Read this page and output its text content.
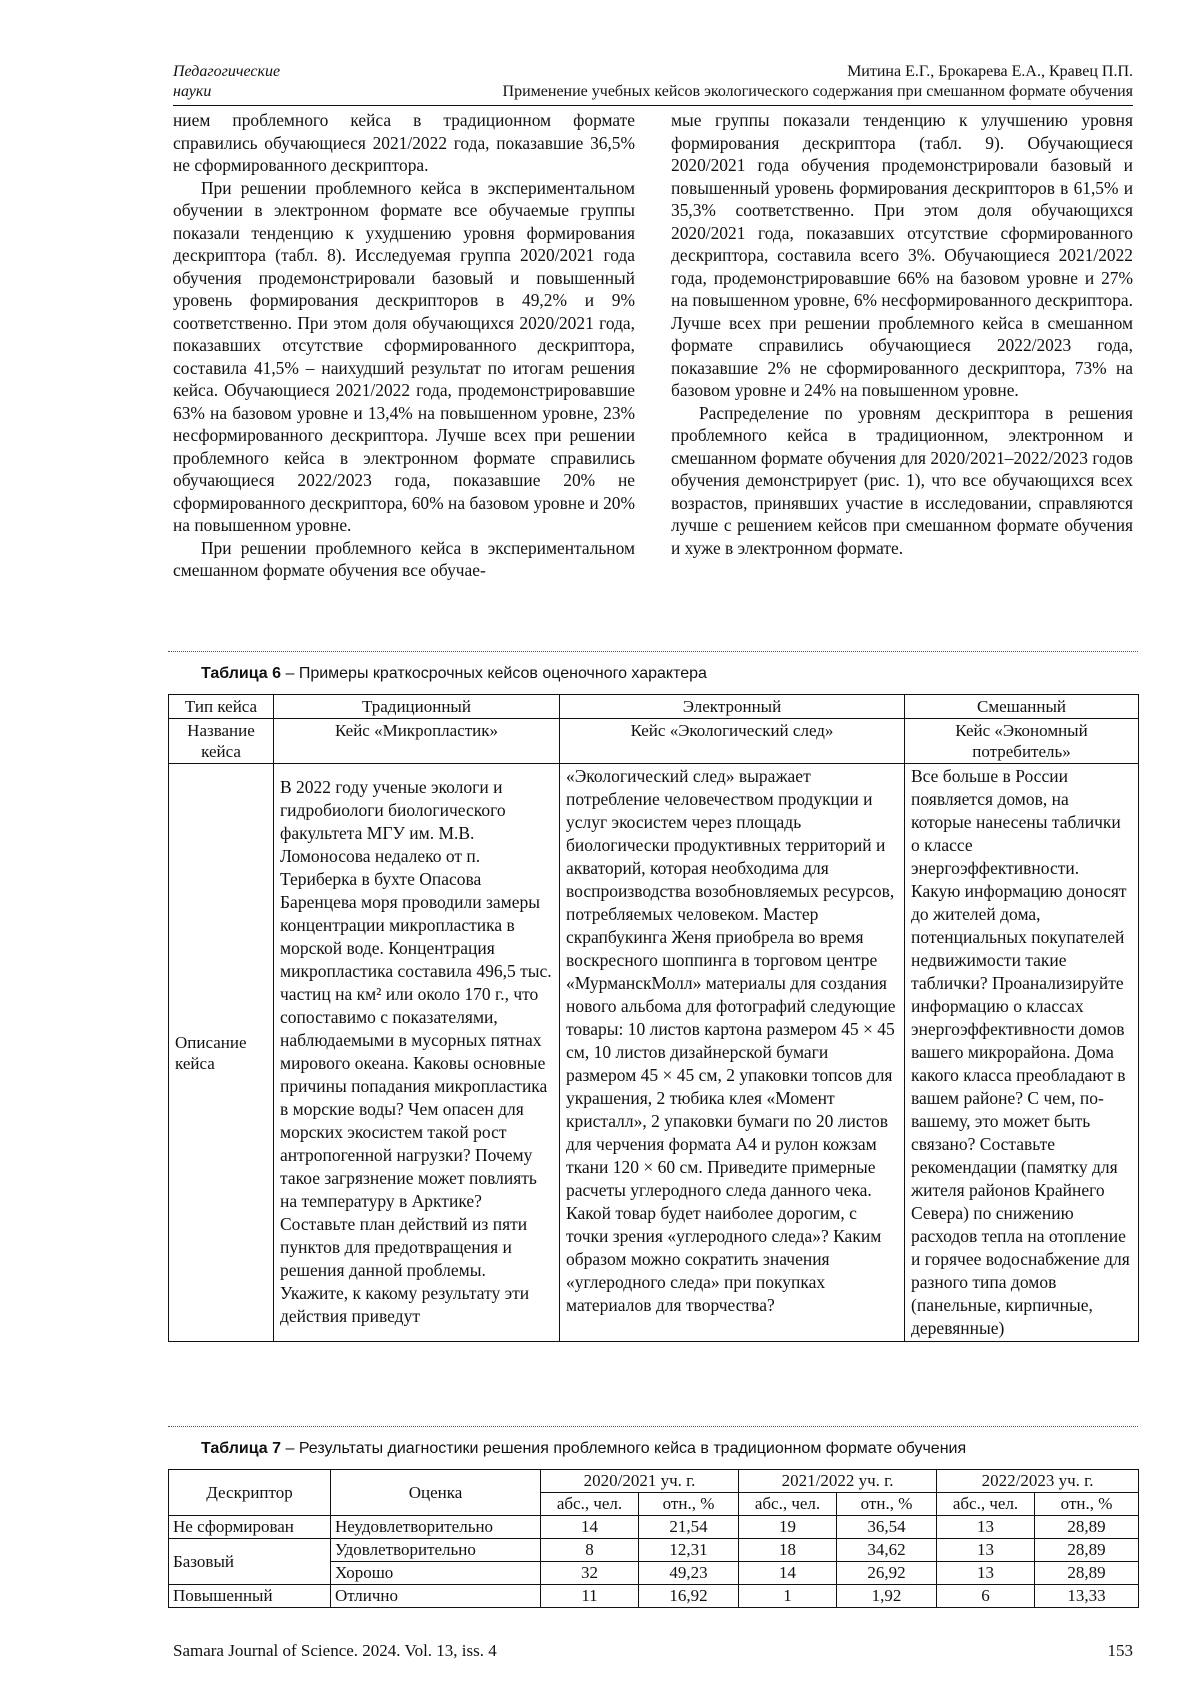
Педагогические
науки
Митина Е.Г., Брокарева Е.А., Кравец П.П.
Применение учебных кейсов экологического содержания при смешанном формате обучения

нием проблемного кейса в традиционном формате справились обучающиеся 2021/2022 года, показавшие 36,5% не сформированного дескриптора.

При решении проблемного кейса в экспериментальном обучении в электронном формате все обучаемые группы показали тенденцию к ухудшению уровня формирования дескриптора (табл. 8). Исследуемая группа 2020/2021 года обучения продемонстрировали базовый и повышенный уровень формирования дескрипторов в 49,2% и 9% соответственно. При этом доля обучающихся 2020/2021 года, показавших отсутствие сформированного дескриптора, составила 41,5% – наихудший результат по итогам решения кейса. Обучающиеся 2021/2022 года, продемонстрировавшие 63% на базовом уровне и 13,4% на повышенном уровне, 23% несформированного дескриптора. Лучше всех при решении проблемного кейса в электронном формате справились обучающиеся 2022/2023 года, показавшие 20% не сформированного дескриптора, 60% на базовом уровне и 20% на повышенном уровне.

При решении проблемного кейса в экспериментальном смешанном формате обучения все обучае-

мые группы показали тенденцию к улучшению уровня формирования дескриптора (табл. 9). Обучающиеся 2020/2021 года обучения продемонстрировали базовый и повышенный уровень формирования дескрипторов в 61,5% и 35,3% соответственно. При этом доля обучающихся 2020/2021 года, показавших отсутствие сформированного дескриптора, составила всего 3%. Обучающиеся 2021/2022 года, продемонстрировавшие 66% на базовом уровне и 27% на повышенном уровне, 6% несформированного дескриптора. Лучше всех при решении проблемного кейса в смешанном формате справились обучающиеся 2022/2023 года, показавшие 2% не сформированного дескриптора, 73% на базовом уровне и 24% на повышенном уровне.

Распределение по уровням дескриптора в решения проблемного кейса в традиционном, электронном и смешанном формате обучения для 2020/2021–2022/2023 годов обучения демонстрирует (рис. 1), что все обучающихся всех возрастов, принявших участие в исследовании, справляются лучше с решением кейсов при смешанном формате обучения и хуже в электронном формате.

Таблица 6 – Примеры краткосрочных кейсов оценочного характера
Тип кейса	Традиционный	Электронный	Смешанный
Название кейса	Кейс «Микропластик»	Кейс «Экологический след»	Кейс «Экономный потребитель»
Описание кейса	В 2022 году ученые экологи и гидробиологи биологического факультета МГУ им. М.В. Ломоносова недалеко от п. Териберка в бухте Опасова Баренцева моря проводили замеры концентрации микропластика в морской воде. Концентрация микропластика составила 496,5 тыс. частиц на км² или около 170 г., что сопоставимо с показателями, наблюдаемыми в мусорных пятнах мирового океана. Каковы основные причины попадания микропластика в морские воды? Чем опасен для морских экосистем такой рост антропогенной нагрузки? Почему такое загрязнение может повлиять на температуру в Арктике? Составьте план действий из пяти пунктов для предотвращения и решения данной проблемы. Укажите, к какому результату эти действия приведут	«Экологический след» выражает потребление человечеством продукции и услуг экосистем через площадь биологически продуктивных территорий и акваторий, которая необходима для воспроизводства возобновляемых ресурсов, потребляемых человеком. Мастер скрапбукинга Женя приобрела во время воскресного шоппинга в торговом центре «МурманскМолл» материалы для создания нового альбома для фотографий следующие товары: 10 листов картона размером 45 × 45 см, 10 листов дизайнерской бумаги размером 45 × 45 см, 2 упаковки топсов для украшения, 2 тюбика клея «Момент кристалл», 2 упаковки бумаги по 20 листов для черчения формата А4 и рулон кожзам ткани 120 × 60 см. Приведите примерные расчеты углеродного следа данного чека. Какой товар будет наиболее дорогим, с точки зрения «углеродного следа»? Каким образом можно сократить значения «углеродного следа» при покупках материалов для творчества?	Все больше в России появляется домов, на которые нанесены таблички о классе энергоэффективности. Какую информацию доносят до жителей дома, потенциальных покупателей недвижимости такие таблички? Проанализируйте информацию о классах энергоэффективности домов вашего микрорайона. Дома какого класса преобладают в вашем районе? С чем, по-вашему, это может быть связано? Составьте рекомендации (памятку для жителя районов Крайнего Севера) по снижению расходов тепла на отопление и горячее водоснабжение для разного типа домов (панельные, кирпичные, деревянные)
Таблица 7 – Результаты диагностики решения проблемного кейса в традиционном формате обучения
Дескриптор	Оценка	2020/2021 уч. г.	2021/2022 уч. г.	2022/2023 уч. г.
абс., чел.	отн., %	абс., чел.	отн., %	абс., чел.	отн., %
Не сформирован	Неудовлетворительно	14	21,54	19	36,54	13	28,89
Базовый	Удовлетворительно	8	12,31	18	34,62	13	28,89
Хорошо	32	49,23	14	26,92	13	28,89
Повышенный	Отлично	11	16,92	1	1,92	6	13,33
Samara Journal of Science. 2024. Vol. 13, iss. 4	153
